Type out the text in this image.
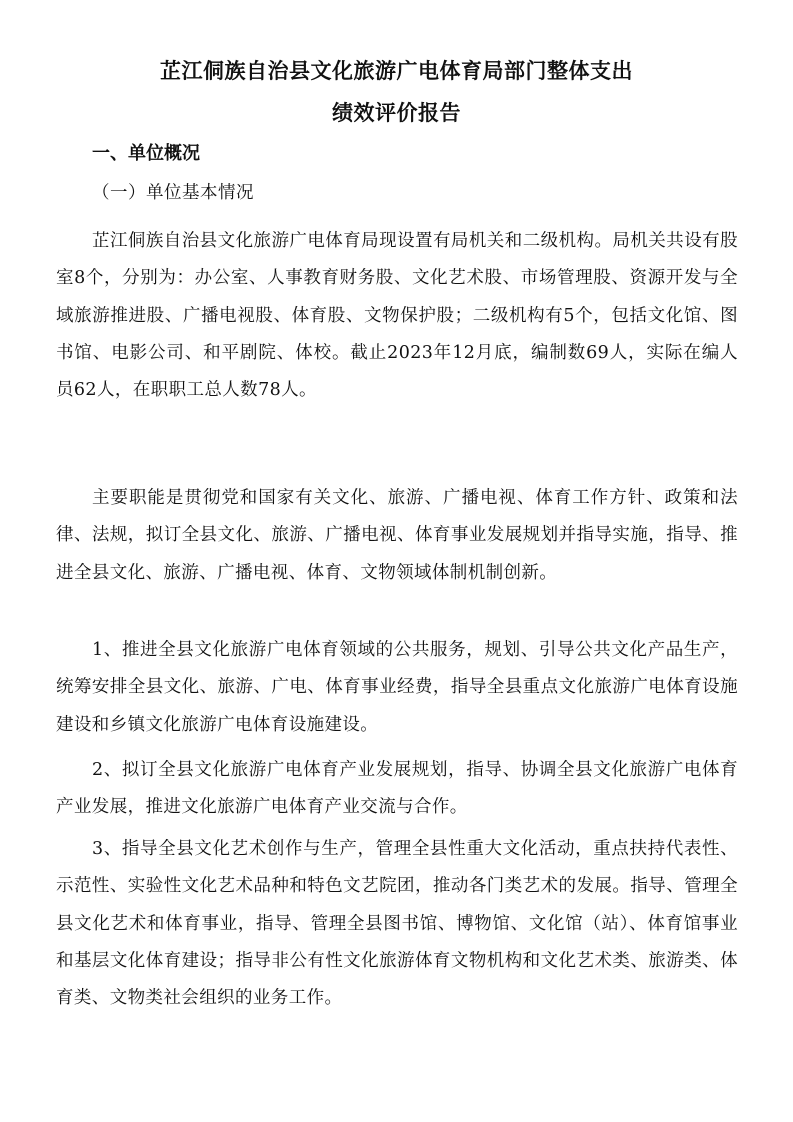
芷江侗族自治县文化旅游广电体育局部门整体支出
绩效评价报告
一、单位概况
（一）单位基本情况

芷江侗族自治县文化旅游广电体育局现设置有局机关和二级机构。局机关共设有股室8个，分别为：办公室、人事教育财务股、文化艺术股、市场管理股、资源开发与全域旅游推进股、广播电视股、体育股、文物保护股；二级机构有5个，包括文化馆、图书馆、电影公司、和平剧院、体校。截止2023年12月底，编制数69人，实际在编人员62人，在职职工总人数78人。

主要职能是贯彻党和国家有关文化、旅游、广播电视、体育工作方针、政策和法律、法规，拟订全县文化、旅游、广播电视、体育事业发展规划并指导实施，指导、推进全县文化、旅游、广播电视、体育、文物领域体制机制创新。

1、推进全县文化旅游广电体育领域的公共服务，规划、引导公共文化产品生产，统筹安排全县文化、旅游、广电、体育事业经费，指导全县重点文化旅游广电体育设施建设和乡镇文化旅游广电体育设施建设。

2、拟订全县文化旅游广电体育产业发展规划，指导、协调全县文化旅游广电体育产业发展，推进文化旅游广电体育产业交流与合作。

3、指导全县文化艺术创作与生产，管理全县性重大文化活动，重点扶持代表性、示范性、实验性文化艺术品种和特色文艺院团，推动各门类艺术的发展。指导、管理全县文化艺术和体育事业，指导、管理全县图书馆、博物馆、文化馆（站）、体育馆事业和基层文化体育建设；指导非公有性文化旅游体育文物机构和文化艺术类、旅游类、体育类、文物类社会组织的业务工作。
